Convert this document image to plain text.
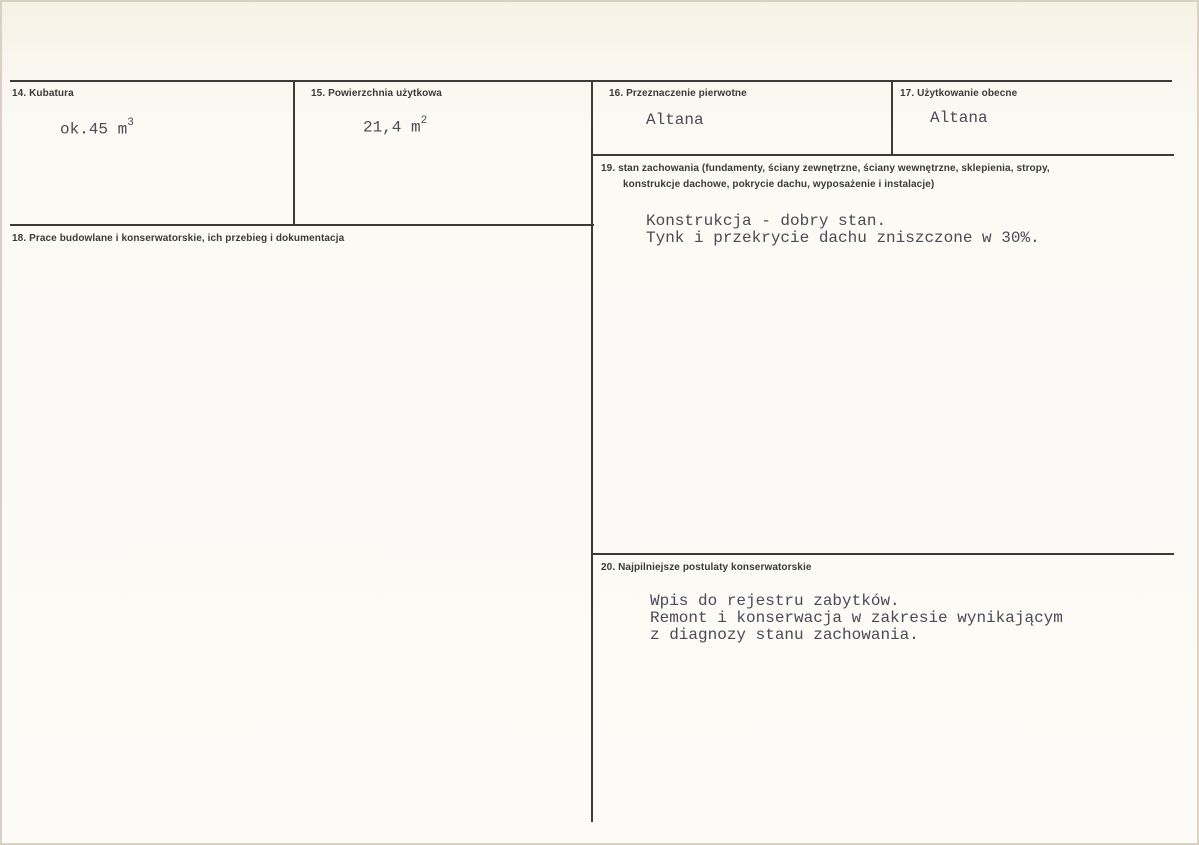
14. Kubatura
ok.45 $m^3$
15. Powierzchnia użytkowa
21,4 $m^2$
16. Przeznaczenie pierwotne
Altana
17. Użytkowanie obecne
Altana
18. Prace budowlane i konserwatorskie, ich przebieg i dokumentacja
19. stan zachowania (fundamenty, ściany zewnętrzne, ściany wewnętrzne, sklepienia, stropy,
konstrukcje dachowe, pokrycie dachu, wyposażenie i instalacje)
Konstrukcja - dobry stan.
Tynk i przekrycie dachu zniszczone w 30%.
20. Najpilniejsze postulaty konserwatorskie
Wpis do rejestru zabytków.
Remont i konserwacja w zakresie wynikającym
z diagnozy stanu zachowania.
